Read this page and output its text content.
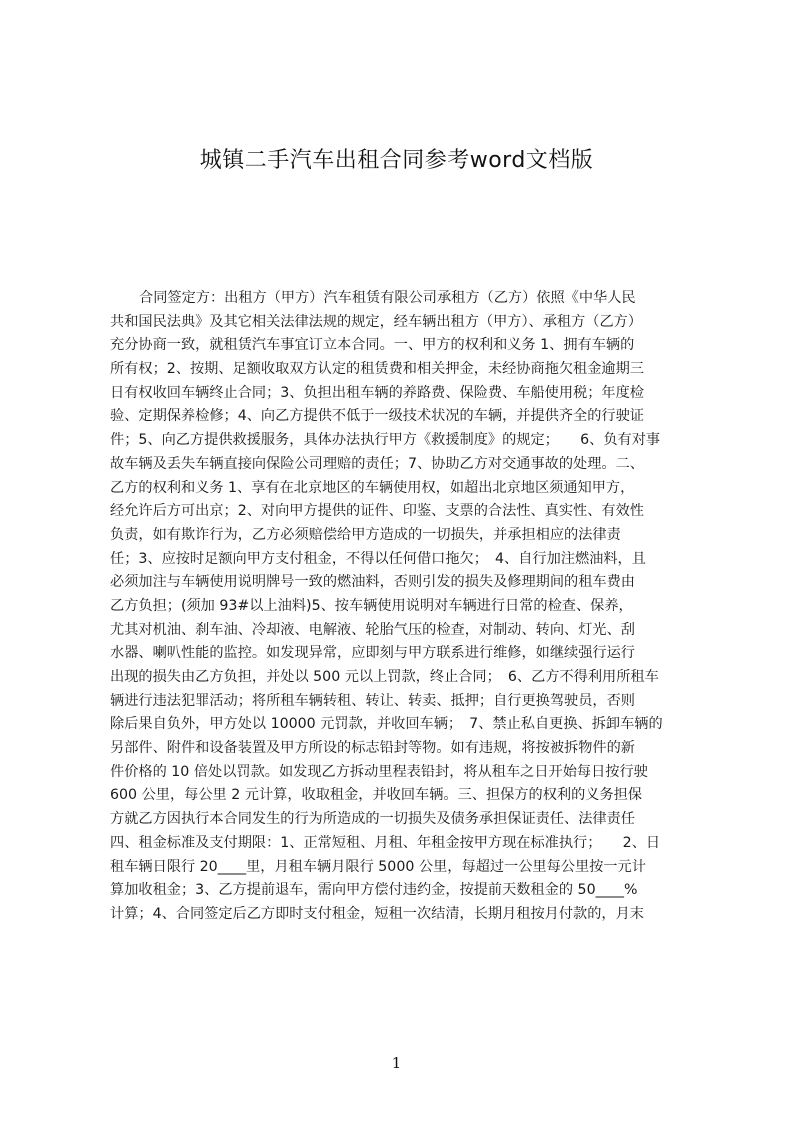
城镇二手汽车出租合同参考word文档版
合同签定方：出租方（甲方）汽车租赁有限公司承租方（乙方）依照《中华人民
共和国民法典》及其它相关法律法规的规定，经车辆出租方（甲方）、承租方（乙方）
充分协商一致，就租赁汽车事宜订立本合同。一、甲方的权利和义务 1、拥有车辆的
所有权；2、按期、足额收取双方认定的租赁费和相关押金，未经协商拖欠租金逾期三
日有权收回车辆终止合同；3、负担出租车辆的养路费、保险费、车船使用税；年度检
验、定期保养检修；4、向乙方提供不低于一级技术状况的车辆，并提供齐全的行驶证
件；5、向乙方提供救援服务，具体办法执行甲方《救援制度》的规定；　　6、负有对事
故车辆及丢失车辆直接向保险公司理赔的责任；7、协助乙方对交通事故的处理。二、
乙方的权利和义务 1、享有在北京地区的车辆使用权，如超出北京地区须通知甲方，
经允许后方可出京；2、对向甲方提供的证件、印鉴、支票的合法性、真实性、有效性
负责，如有欺诈行为，乙方必须赔偿给甲方造成的一切损失，并承担相应的法律责
任；3、应按时足额向甲方支付租金，不得以任何借口拖欠；　4、自行加注燃油料，且
必须加注与车辆使用说明牌号一致的燃油料，否则引发的损失及修理期间的租车费由
乙方负担；(须加 93#以上油料)5、按车辆使用说明对车辆进行日常的检查、保养，
尤其对机油、刹车油、冷却液、电解液、轮胎气压的检查，对制动、转向、灯光、刮
水器、喇叭性能的监控。如发现异常，应即刻与甲方联系进行维修，如继续强行运行
出现的损失由乙方负担，并处以 500 元以上罚款，终止合同；　6、乙方不得利用所租车
辆进行违法犯罪活动；将所租车辆转租、转让、转卖、抵押；自行更换驾驶员，否则
除后果自负外，甲方处以 10000 元罚款，并收回车辆；　7、禁止私自更换、拆卸车辆的
另部件、附件和设备装置及甲方所设的标志铅封等物。如有违规，将按被拆物件的新
件价格的 10 倍处以罚款。如发现乙方拆动里程表铅封，将从租车之日开始每日按行驶
600 公里，每公里 2 元计算，收取租金，并收回车辆。三、担保方的权利的义务担保
方就乙方因执行本合同发生的行为所造成的一切损失及债务承担保证责任、法律责任
四、租金标准及支付期限：1、正常短租、月租、年租金按甲方现在标准执行；　　2、日
租车辆日限行 20____里，月租车辆月限行 5000 公里，每超过一公里每公里按一元计
算加收租金；3、乙方提前退车，需向甲方偿付违约金，按提前天数租金的 50____%
计算；4、合同签定后乙方即时支付租金，短租一次结清，长期月租按月付款的，月末
1
